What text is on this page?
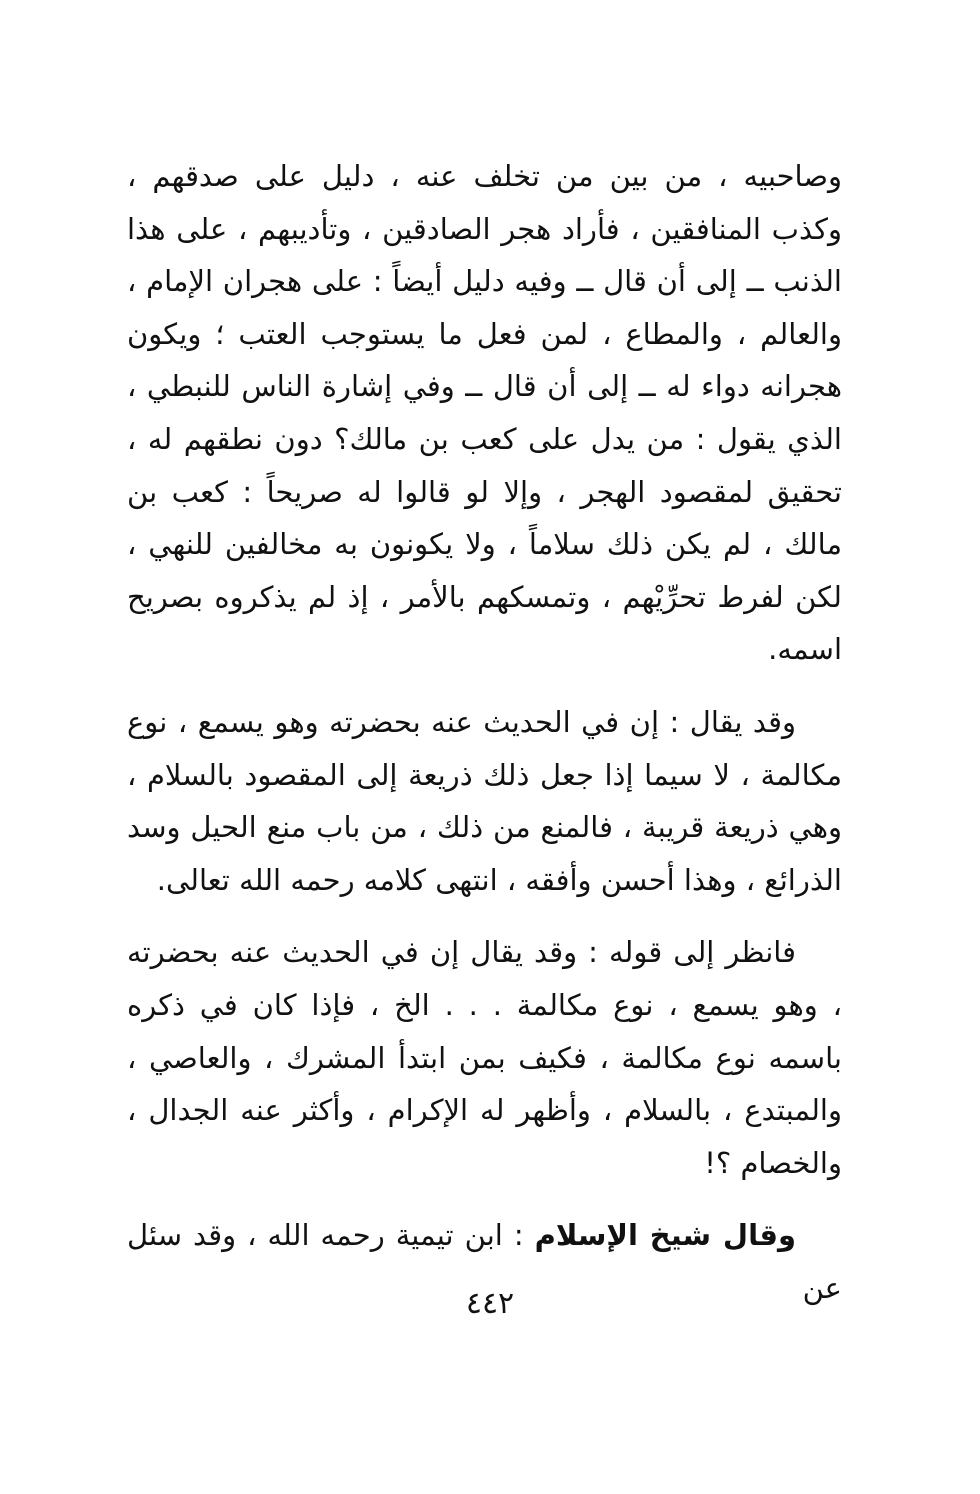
وصاحبيه ، من بين من تخلف عنه ، دليل على صدقهم ، وكذب المنافقين ، فأراد هجر الصادقين ، وتأديبهم ، على هذا الذنب ــ إلى أن قال ــ وفيه دليل أيضاً : على هجران الإمام ، والعالم ، والمطاع ، لمن فعل ما يستوجب العتب ؛ ويكون هجرانه دواء له ــ إلى أن قال ــ وفي إشارة الناس للنبطي ، الذي يقول : من يدل على كعب بن مالك؟ دون نطقهم له ، تحقيق لمقصود الهجر ، وإلا لو قالوا له صريحاً : كعب بن مالك ، لم يكن ذلك سلاماً ، ولا يكونون به مخالفين للنهي ، لكن لفرط تحرِّيْهم ، وتمسكهم بالأمر ، إذ لم يذكروه بصريح اسمه.

وقد يقال : إن في الحديث عنه بحضرته وهو يسمع ، نوع مكالمة ، لا سيما إذا جعل ذلك ذريعة إلى المقصود بالسلام ، وهي ذريعة قريبة ، فالمنع من ذلك ، من باب منع الحيل وسد الذرائع ، وهذا أحسن وأفقه ، انتهى كلامه رحمه الله تعالى.

فانظر إلى قوله : وقد يقال إن في الحديث عنه بحضرته ، وهو يسمع ، نوع مكالمة . . . الخ ، فإذا كان في ذكره باسمه نوع مكالمة ، فكيف بمن ابتدأ المشرك ، والعاصي ، والمبتدع ، بالسلام ، وأظهر له الإكرام ، وأكثر عنه الجدال ، والخصام ؟!

وقال شيخ الإسلام : ابن تيمية رحمه الله ، وقد سئل عن

٤٤٢
